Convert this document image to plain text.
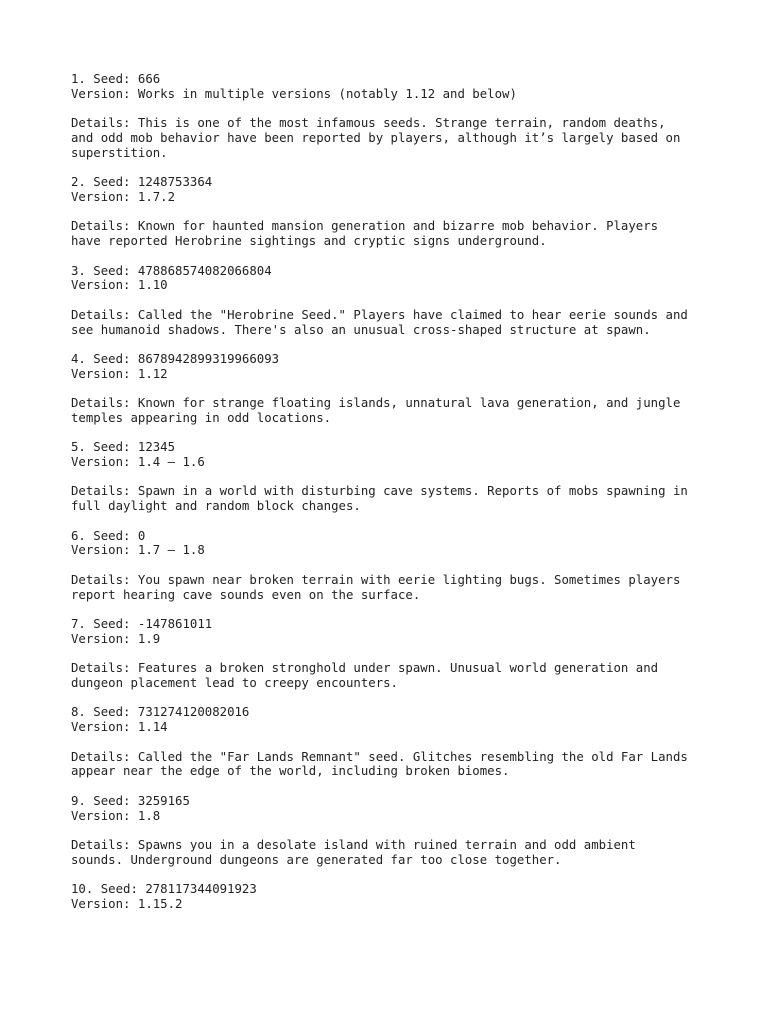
1. Seed: 666
Version: Works in multiple versions (notably 1.12 and below)
Details: This is one of the most infamous seeds. Strange terrain, random deaths,
and odd mob behavior have been reported by players, although it’s largely based on
superstition.
2. Seed: 1248753364
Version: 1.7.2
Details: Known for haunted mansion generation and bizarre mob behavior. Players
have reported Herobrine sightings and cryptic signs underground.
3. Seed: 478868574082066804
Version: 1.10
Details: Called the "Herobrine Seed." Players have claimed to hear eerie sounds and
see humanoid shadows. There's also an unusual cross-shaped structure at spawn.
4. Seed: 8678942899319966093
Version: 1.12
Details: Known for strange floating islands, unnatural lava generation, and jungle
temples appearing in odd locations.
5. Seed: 12345
Version: 1.4 – 1.6
Details: Spawn in a world with disturbing cave systems. Reports of mobs spawning in
full daylight and random block changes.
6. Seed: 0
Version: 1.7 – 1.8
Details: You spawn near broken terrain with eerie lighting bugs. Sometimes players
report hearing cave sounds even on the surface.
7. Seed: -147861011
Version: 1.9
Details: Features a broken stronghold under spawn. Unusual world generation and
dungeon placement lead to creepy encounters.
8. Seed: 731274120082016
Version: 1.14
Details: Called the "Far Lands Remnant" seed. Glitches resembling the old Far Lands
appear near the edge of the world, including broken biomes.
9. Seed: 3259165
Version: 1.8
Details: Spawns you in a desolate island with ruined terrain and odd ambient
sounds. Underground dungeons are generated far too close together.
10. Seed: 278117344091923
Version: 1.15.2
